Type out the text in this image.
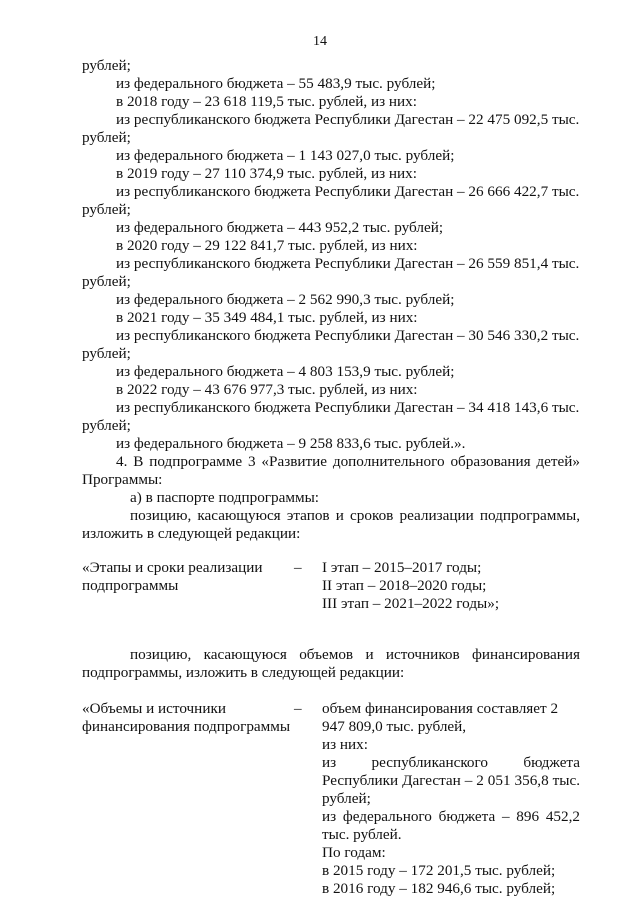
14

рублей;

из федерального бюджета – 55 483,9 тыс. рублей;

в 2018 году – 23 618 119,5 тыс. рублей, из них:

из республиканского бюджета Республики Дагестан – 22 475 092,5 тыс. рублей;

из федерального бюджета – 1 143 027,0 тыс. рублей;

в 2019 году – 27 110 374,9 тыс. рублей, из них:

из республиканского бюджета Республики Дагестан – 26 666 422,7 тыс. рублей;

из федерального бюджета – 443 952,2 тыс. рублей;

в 2020 году – 29 122 841,7 тыс. рублей, из них:

из республиканского бюджета Республики Дагестан – 26 559 851,4 тыс. рублей;

из федерального бюджета – 2 562 990,3 тыс. рублей;

в 2021 году – 35 349 484,1 тыс. рублей, из них:

из республиканского бюджета Республики Дагестан – 30 546 330,2 тыс. рублей;

из федерального бюджета – 4 803 153,9 тыс. рублей;

в 2022 году – 43 676 977,3 тыс. рублей, из них:

из республиканского бюджета Республики Дагестан – 34 418 143,6 тыс. рублей;

из федерального бюджета – 9 258 833,6 тыс. рублей.».

4. В подпрограмме 3 «Развитие дополнительного образования детей» Программы:

а) в паспорте подпрограммы:

позицию, касающуюся этапов и сроков реализации подпрограммы, изложить в следующей редакции:

«Этапы и сроки реализации подпрограммы
–	I этап – 2015–2017 годы;
II этап – 2018–2020 годы;
III этап – 2021–2022 годы»;

позицию, касающуюся объемов и источников финансирования подпрограммы, изложить в следующей редакции:

«Объемы и источники финансирования подпрограммы
–	объем финансирования составляет 2 947 809,0 тыс. рублей,
из них:
из республиканского бюджета Республики Дагестан – 2 051 356,8 тыс. рублей;
из федерального бюджета – 896 452,2 тыс. рублей.
По годам:
в 2015 году – 172 201,5 тыс. рублей;
в 2016 году – 182 946,6 тыс. рублей;
